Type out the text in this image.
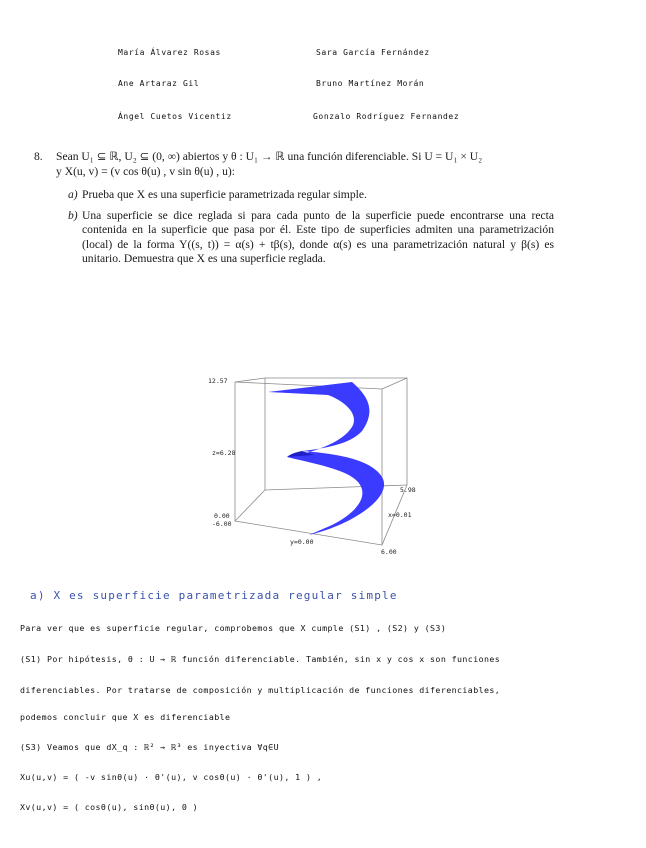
María Álvarez Rosas	Sara García Fernández
Ane Artaraz Gil	Bruno Martínez Morán
Ángel Cuetos Vicentiz	Gonzalo Rodríguez Fernandez

8. Sean U₁ ⊆ ℝ, U₂ ⊆ (0, ∞) abiertos y θ : U₁ → ℝ una función diferenciable. Si U = U₁ × U₂

y X(u, v) = (v cos θ(u) , v sin θ(u) , u):

a) Prueba que X es una superficie parametrizada regular simple.
b) Una superficie se dice reglada si para cada punto de la superficie puede encontrarse una recta contenida en la superficie que pasa por él. Este tipo de superficies admiten una parametrización (local) de la forma Y((s, t)) = α(s) + tβ(s), donde α(s) es una parametrización natural y β(s) es unitario. Demuestra que X es una superficie reglada.
12.57
z=6.28
0.00
-6.00
y=0.00
6.00
5.98
x=0.01
a) X es superficie parametrizada regular simple
Para ver que es superficie regular, comprobemos que X cumple (S1) , (S2) y (S3)
(S1) Por hipótesis, θ : U → ℝ función diferenciable. También, sin x y cos x son funciones
diferenciables. Por tratarse de composición y multiplicación de funciones diferenciables,
podemos concluir que X es diferenciable
(S3) Veamos que dX_q : ℝ² → ℝ³ es inyectiva ∀q∈U
Xu(u,v) = ( -v sinθ(u) · θ'(u), v cosθ(u) · θ'(u), 1 ) ,
Xv(u,v) = ( cosθ(u), sinθ(u), 0 )
